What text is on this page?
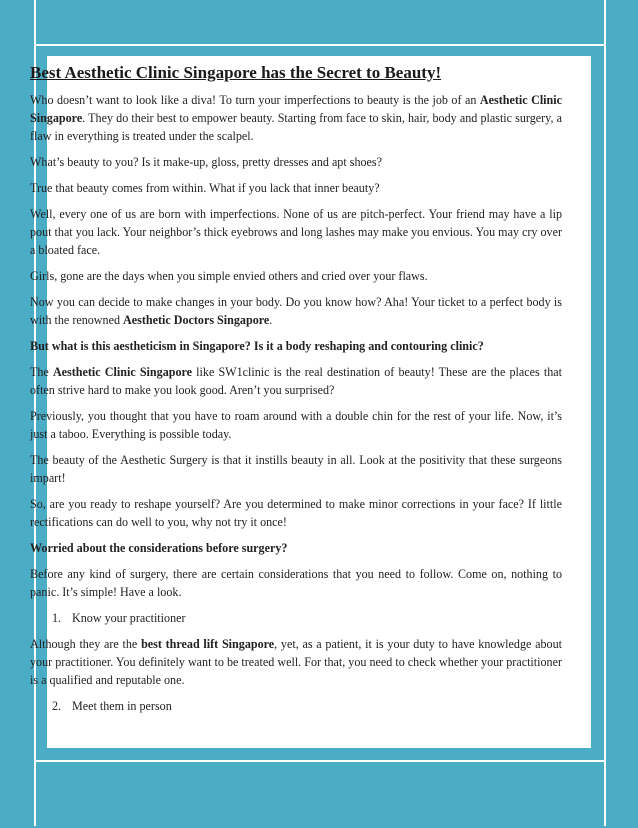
Best Aesthetic Clinic Singapore has the Secret to Beauty!

Who doesn’t want to look like a diva! To turn your imperfections to beauty is the job of an Aesthetic Clinic Singapore. They do their best to empower beauty. Starting from face to skin, hair, body and plastic surgery, a flaw in everything is treated under the scalpel.

What’s beauty to you? Is it make-up, gloss, pretty dresses and apt shoes?

True that beauty comes from within. What if you lack that inner beauty?

Well, every one of us are born with imperfections. None of us are pitch-perfect. Your friend may have a lip pout that you lack. Your neighbor’s thick eyebrows and long lashes may make you envious. You may cry over a bloated face.

Girls, gone are the days when you simple envied others and cried over your flaws.

Now you can decide to make changes in your body. Do you know how? Aha! Your ticket to a perfect body is with the renowned Aesthetic Doctors Singapore.

But what is this aestheticism in Singapore? Is it a body reshaping and contouring clinic?

The Aesthetic Clinic Singapore like SW1clinic is the real destination of beauty! These are the places that often strive hard to make you look good. Aren’t you surprised?

Previously, you thought that you have to roam around with a double chin for the rest of your life. Now, it’s just a taboo. Everything is possible today.

The beauty of the Aesthetic Surgery is that it instills beauty in all. Look at the positivity that these surgeons impart!

So, are you ready to reshape yourself? Are you determined to make minor corrections in your face? If little rectifications can do well to you, why not try it once!

Worried about the considerations before surgery?

Before any kind of surgery, there are certain considerations that you need to follow. Come on, nothing to panic. It’s simple! Have a look.

1. Know your practitioner

Although they are the best thread lift Singapore, yet, as a patient, it is your duty to have knowledge about your practitioner. You definitely want to be treated well. For that, you need to check whether your practitioner is a qualified and reputable one.

2. Meet them in person
